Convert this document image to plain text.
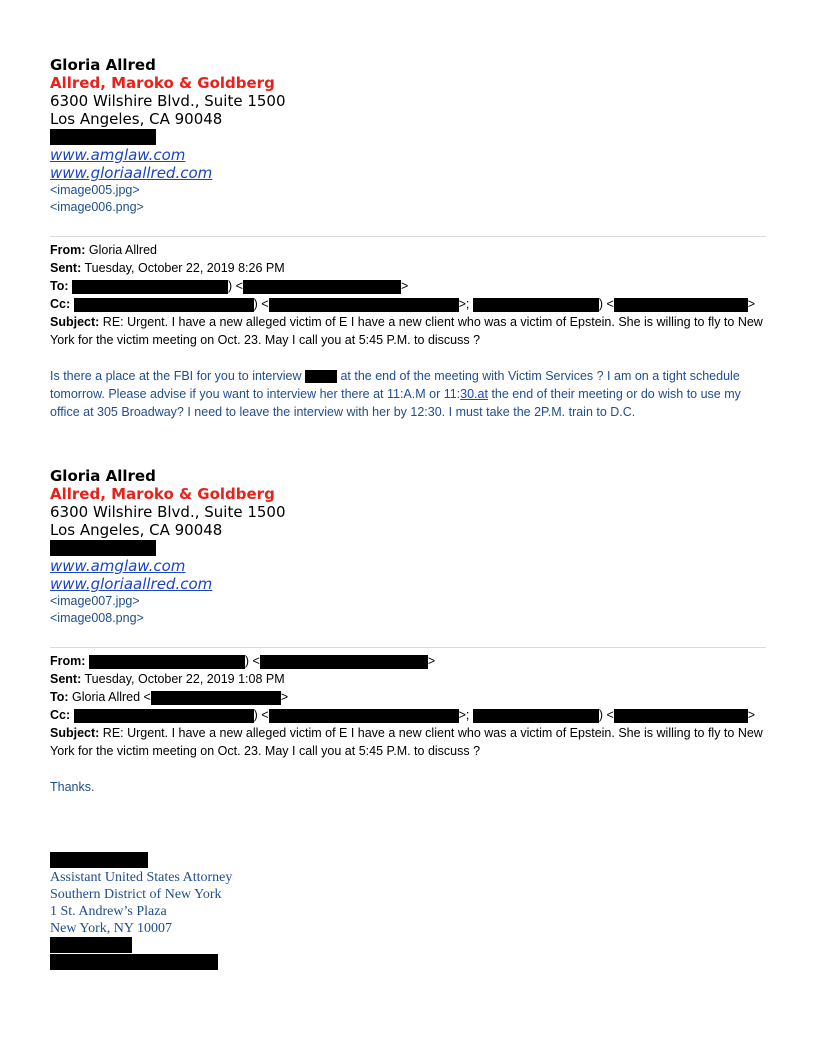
Gloria Allred
Allred, Maroko & Goldberg
6300 Wilshire Blvd., Suite 1500
Los Angeles, CA 90048
www.amglaw.com
www.gloriaallred.com
<image005.jpg>
<image006.png>
From: Gloria Allred
Sent: Tuesday, October 22, 2019 8:26 PM
To:	) <	>
Cc:	) <	>;	) <	>
Subject: RE: Urgent. I have a new alleged victim of E I have a new client who was a victim of Epstein. She is willing to fly to New York for the victim meeting on Oct. 23. May I call you at 5:45 P.M. to discuss ?
Is there a place at the FBI for you to interview	at the end of the meeting with Victim Services ? I am on a tight schedule tomorrow. Please advise if you want to interview her there at 11:A.M or 11:30.at the end of their meeting or do wish to use my office at 305 Broadway? I need to leave the interview with her by 12:30. I must take the 2P.M. train to D.C.
Gloria Allred
Allred, Maroko & Goldberg
6300 Wilshire Blvd., Suite 1500
Los Angeles, CA 90048
www.amglaw.com
www.gloriaallred.com
<image007.jpg>
<image008.png>
From:	) <	>
Sent: Tuesday, October 22, 2019 1:08 PM
To: Gloria Allred <	>
Cc:	) <	>;	) <	>
Subject: RE: Urgent. I have a new alleged victim of E I have a new client who was a victim of Epstein. She is willing to fly to New York for the victim meeting on Oct. 23. May I call you at 5:45 P.M. to discuss ?
Thanks.
Assistant United States Attorney
Southern District of New York
1 St. Andrew’s Plaza
New York, NY 10007
